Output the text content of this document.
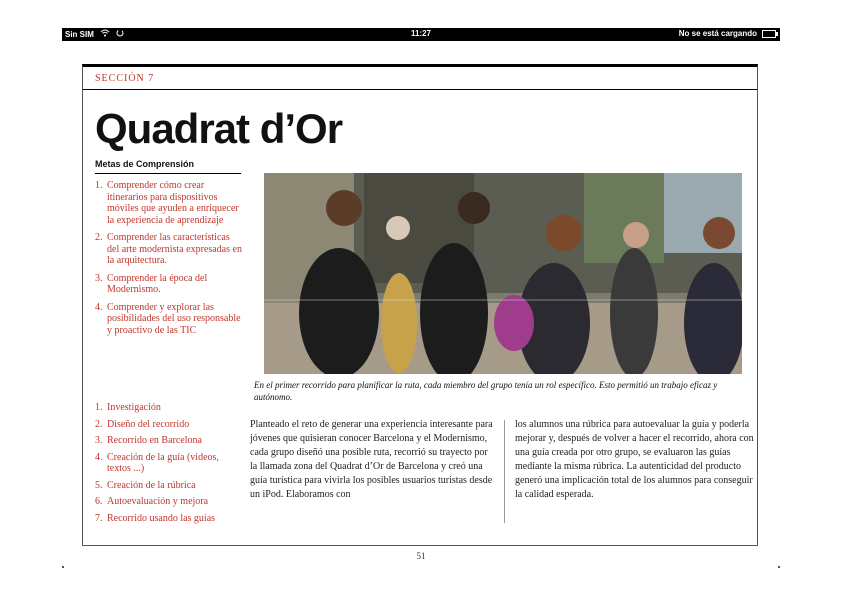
Sin SIM	11:27	No se está cargando
SECCIÓN 7
Quadrat d’Or
Metas de Comprensión
1. Comprender cómo crear itinerarios para dispositivos móviles que ayuden a enriquecer la experiencia de aprendizaje
2. Comprender las características del arte modernista expresadas en la arquitectura.
3. Comprender la época del Modernismo.
4. Comprender y explorar las posibilidades del uso responsable y proactivo de las TIC
1. Investigación
2. Diseño del recorrido
3. Recorrido en Barcelona
4. Creación de la guía (videos, textos ...)
5. Creación de la rúbrica
6. Autoevaluación y mejora
7. Recorrido usando las guías
En el primer recorrido para planificar la ruta, cada miembro del grupo tenía un rol específico. Esto permitió un trabajo eficaz y autónomo.
Planteado el reto de generar una experiencia interesante para jóvenes que quisieran conocer Barcelona y el Modernismo, cada grupo diseñó una posible ruta, recorrió su trayecto por la llamada zona del Quadrat d’Or de Barcelona y creó una guía turística para vivirla los posibles usuarios turistas desde un iPod. Elaboramos con
los alumnos una rúbrica para autoevaluar la guía y poderla mejorar y, después de volver a hacer el recorrido, ahora con una guía creada por otro grupo, se evaluaron las guías mediante la misma rúbrica. La autenticidad del producto generó una implicación total de los alumnos para conseguir la calidad esperada.
51
